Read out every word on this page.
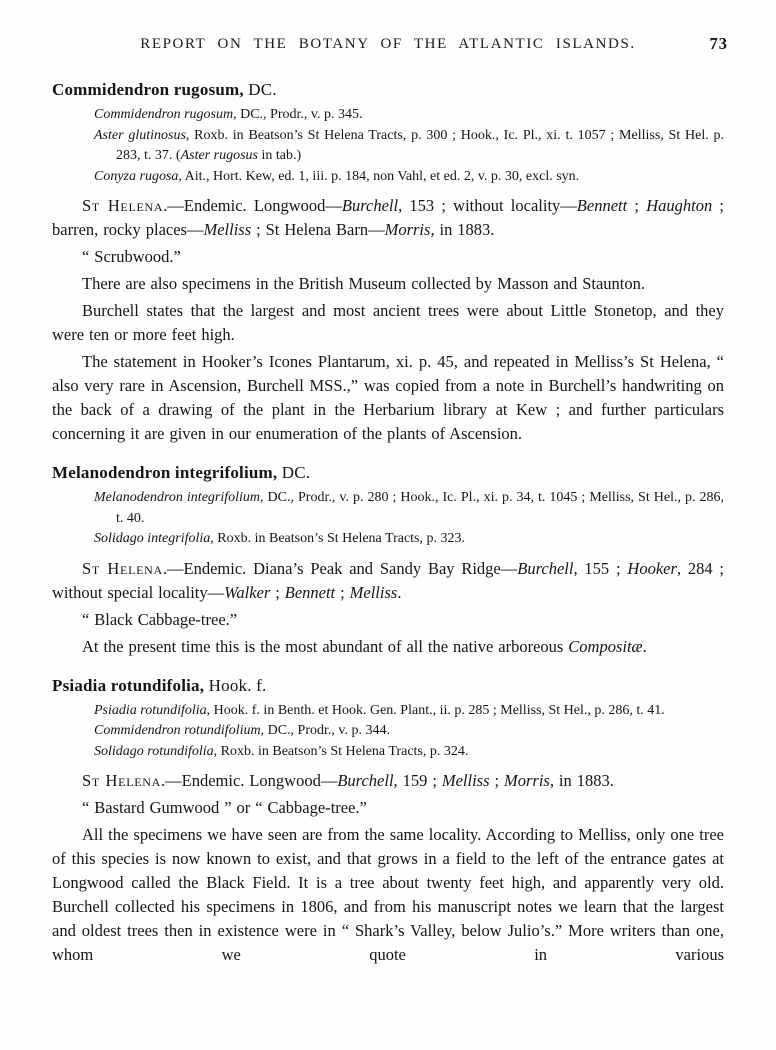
REPORT ON THE BOTANY OF THE ATLANTIC ISLANDS.	73
Commidendron rugosum, DC.

Commidendron rugosum, DC., Prodr., v. p. 345.

Aster glutinosus, Roxb. in Beatson’s St Helena Tracts, p. 300 ; Hook., Ic. Pl., xi. t. 1057 ; Melliss, St Hel. p. 283, t. 37. (Aster rugosus in tab.)

Conyza rugosa, Ait., Hort. Kew, ed. 1, iii. p. 184, non Vahl, et ed. 2, v. p. 30, excl. syn.

St Helena.—Endemic. Longwood—Burchell, 153 ; without locality—Bennett ; Haughton ; barren, rocky places—Melliss ; St Helena Barn—Morris, in 1883.

“ Scrubwood.”

There are also specimens in the British Museum collected by Masson and Staunton.

Burchell states that the largest and most ancient trees were about Little Stonetop, and they were ten or more feet high.

The statement in Hooker’s Icones Plantarum, xi. p. 45, and repeated in Melliss’s St Helena, “ also very rare in Ascension, Burchell MSS.,” was copied from a note in Burchell’s handwriting on the back of a drawing of the plant in the Herbarium library at Kew ; and further particulars concerning it are given in our enumeration of the plants of Ascension.

Melanodendron integrifolium, DC.

Melanodendron integrifolium, DC., Prodr., v. p. 280 ; Hook., Ic. Pl., xi. p. 34, t. 1045 ; Melliss, St Hel., p. 286, t. 40.

Solidago integrifolia, Roxb. in Beatson’s St Helena Tracts, p. 323.

St Helena.—Endemic. Diana’s Peak and Sandy Bay Ridge—Burchell, 155 ; Hooker, 284 ; without special locality—Walker ; Bennett ; Melliss.

“ Black Cabbage-tree.”

At the present time this is the most abundant of all the native arboreous Compositæ.

Psiadia rotundifolia, Hook. f.

Psiadia rotundifolia, Hook. f. in Benth. et Hook. Gen. Plant., ii. p. 285 ; Melliss, St Hel., p. 286, t. 41.

Commidendron rotundifolium, DC., Prodr., v. p. 344.

Solidago rotundifolia, Roxb. in Beatson’s St Helena Tracts, p. 324.

St Helena.—Endemic. Longwood—Burchell, 159 ; Melliss ; Morris, in 1883.

“ Bastard Gumwood ” or “ Cabbage-tree.”

All the specimens we have seen are from the same locality. According to Melliss, only one tree of this species is now known to exist, and that grows in a field to the left of the entrance gates at Longwood called the Black Field. It is a tree about twenty feet high, and apparently very old. Burchell collected his specimens in 1806, and from his manuscript notes we learn that the largest and oldest trees then in existence were in “ Shark’s Valley, below Julio’s.” More writers than one, whom we quote in various
